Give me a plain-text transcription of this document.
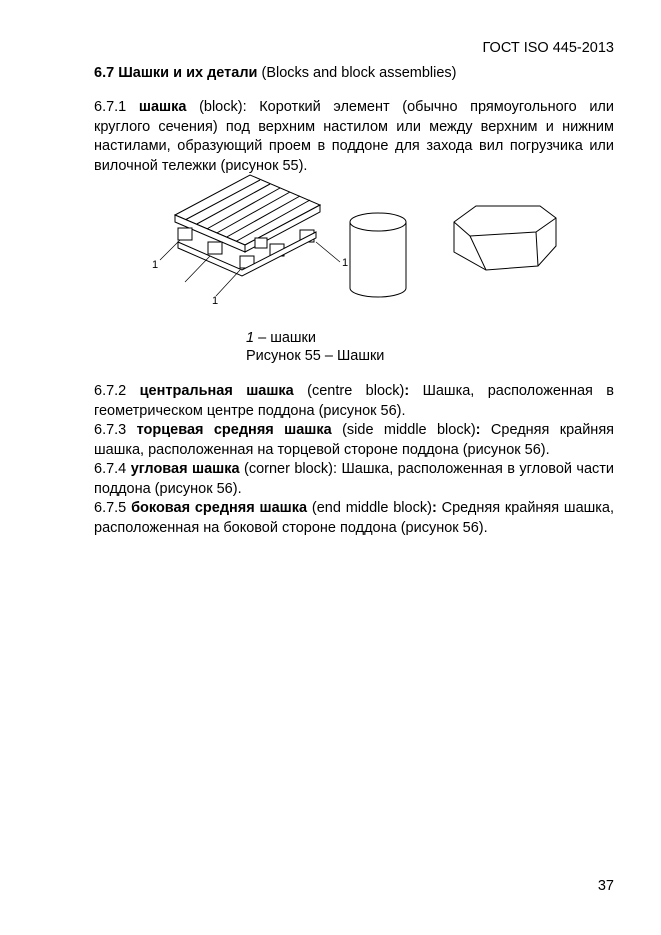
ГОСТ ISO 445-2013
6.7 Шашки и их детали (Blocks and block assemblies)
6.7.1 шашка (block): Короткий элемент (обычно прямоугольного или круглого сечения) под верхним настилом или между верхним и нижним настилами, образующий проем в поддоне для захода вил погрузчика или вилочной тележки (рисунок 55).
1
1
1
1 – шашки
Рисунок 55 – Шашки
6.7.2 центральная шашка (centre block): Шашка, расположенная в геометрическом центре поддона (рисунок 56).
6.7.3 торцевая средняя шашка (side middle block): Средняя крайняя шашка, расположенная на торцевой стороне поддона (рисунок 56).
6.7.4 угловая шашка (corner block): Шашка, расположенная в угловой части поддона (рисунок 56).
6.7.5 боковая средняя шашка (end middle block): Средняя крайняя шашка, расположенная на боковой стороне поддона (рисунок 56).
37
